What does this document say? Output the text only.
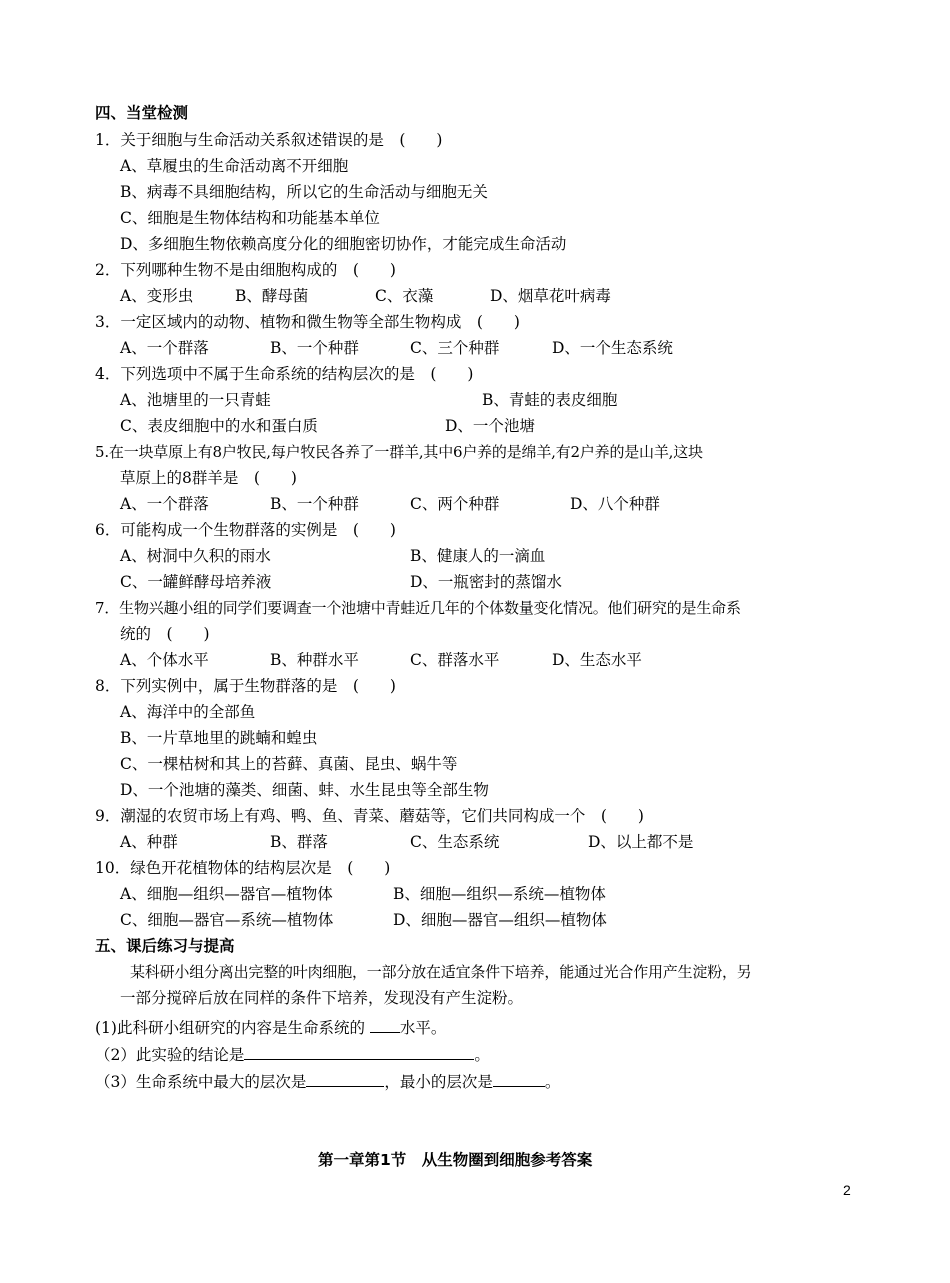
四、当堂检测
1．关于细胞与生命活动关系叙述错误的是　(　　)
A、草履虫的生命活动离不开细胞
B、病毒不具细胞结构，所以它的生命活动与细胞无关
C、细胞是生物体结构和功能基本单位
D、多细胞生物依赖高度分化的细胞密切协作，才能完成生命活动
2．下列哪种生物不是由细胞构成的　(　　)
A、变形虫	B、酵母菌	C、衣藻	D、烟草花叶病毒
3．一定区域内的动物、植物和微生物等全部生物构成　(　　)
A、一个群落	B、一个种群	C、三个种群	D、一个生态系统
4．下列选项中不属于生命系统的结构层次的是　(　　)
A、池塘里的一只青蛙	B、青蛙的表皮细胞
C、表皮细胞中的水和蛋白质	D、一个池塘
5.在一块草原上有8户牧民,每户牧民各养了一群羊,其中6户养的是绵羊,有2户养的是山羊,这块
草原上的8群羊是　(　　)
A、一个群落	B、一个种群	C、两个种群	D、八个种群
6．可能构成一个生物群落的实例是　(　　)
A、树洞中久积的雨水	B、健康人的一滴血
C、一罐鲜酵母培养液	D、一瓶密封的蒸馏水
7．生物兴趣小组的同学们要调查一个池塘中青蛙近几年的个体数量变化情况。他们研究的是生命系
统的　(　　)
A、个体水平	B、种群水平	C、群落水平	D、生态水平
8．下列实例中，属于生物群落的是　(　　)
A、海洋中的全部鱼
B、一片草地里的跳蝻和蝗虫
C、一棵枯树和其上的苔藓、真菌、昆虫、蜗牛等
D、一个池塘的藻类、细菌、蚌、水生昆虫等全部生物
9．潮湿的农贸市场上有鸡、鸭、鱼、青菜、蘑菇等，它们共同构成一个　(　　)
A、种群	B、群落	C、生态系统	D、以上都不是
10．绿色开花植物体的结构层次是　(　　)
A、细胞—组织—器官—植物体	B、细胞—组织—系统—植物体
C、细胞—器官—系统—植物体	D、细胞—器官—组织—植物体
五、课后练习与提高
某科研小组分离出完整的叶肉细胞，一部分放在适宜条件下培养，能通过光合作用产生淀粉，另
一部分搅碎后放在同样的条件下培养，发现没有产生淀粉。
(1)此科研小组研究的内容是生命系统的 水平。
（2）此实验的结论是	。
（3）生命系统中最大的层次是	，最小的层次是	。
第一章第1节　从生物圈到细胞参考答案
2
